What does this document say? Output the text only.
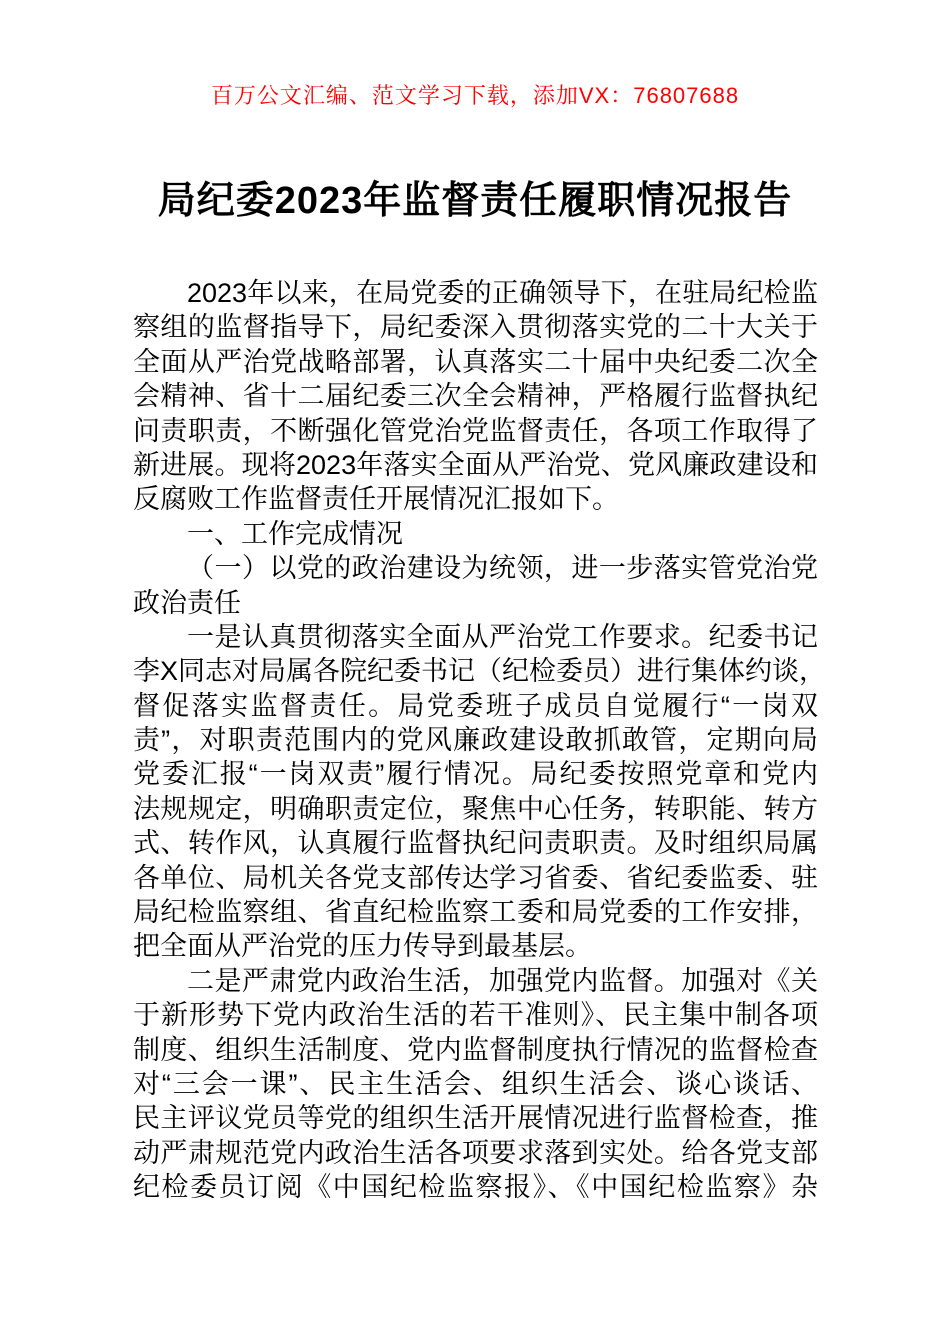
百万公文汇编、范文学习下载，添加VX：76807688
局纪委2023年监督责任履职情况报告
2023年以来，在局党委的正确领导下，在驻局纪检监
察组的监督指导下，局纪委深入贯彻落实党的二十大关于
全面从严治党战略部署，认真落实二十届中央纪委二次全
会精神、省十二届纪委三次全会精神，严格履行监督执纪
问责职责，不断强化管党治党监督责任，各项工作取得了
新进展。现将2023年落实全面从严治党、党风廉政建设和
反腐败工作监督责任开展情况汇报如下。
一、工作完成情况
（一）以党的政治建设为统领，进一步落实管党治党
政治责任
一是认真贯彻落实全面从严治党工作要求。纪委书记
李X同志对局属各院纪委书记（纪检委员）进行集体约谈，
督促落实监督责任。局党委班子成员自觉履行“一岗双
责”，对职责范围内的党风廉政建设敢抓敢管，定期向局
党委汇报“一岗双责”履行情况。局纪委按照党章和党内
法规规定，明确职责定位，聚焦中心任务，转职能、转方
式、转作风，认真履行监督执纪问责职责。及时组织局属
各单位、局机关各党支部传达学习省委、省纪委监委、驻
局纪检监察组、省直纪检监察工委和局党委的工作安排，
把全面从严治党的压力传导到最基层。
二是严肃党内政治生活，加强党内监督。加强对《关
于新形势下党内政治生活的若干准则》、民主集中制各项
制度、组织生活制度、党内监督制度执行情况的监督检查
对“三会一课”、民主生活会、组织生活会、谈心谈话、
民主评议党员等党的组织生活开展情况进行监督检查，推
动严肃规范党内政治生活各项要求落到实处。给各党支部
纪检委员订阅《中国纪检监察报》、《中国纪检监察》杂
